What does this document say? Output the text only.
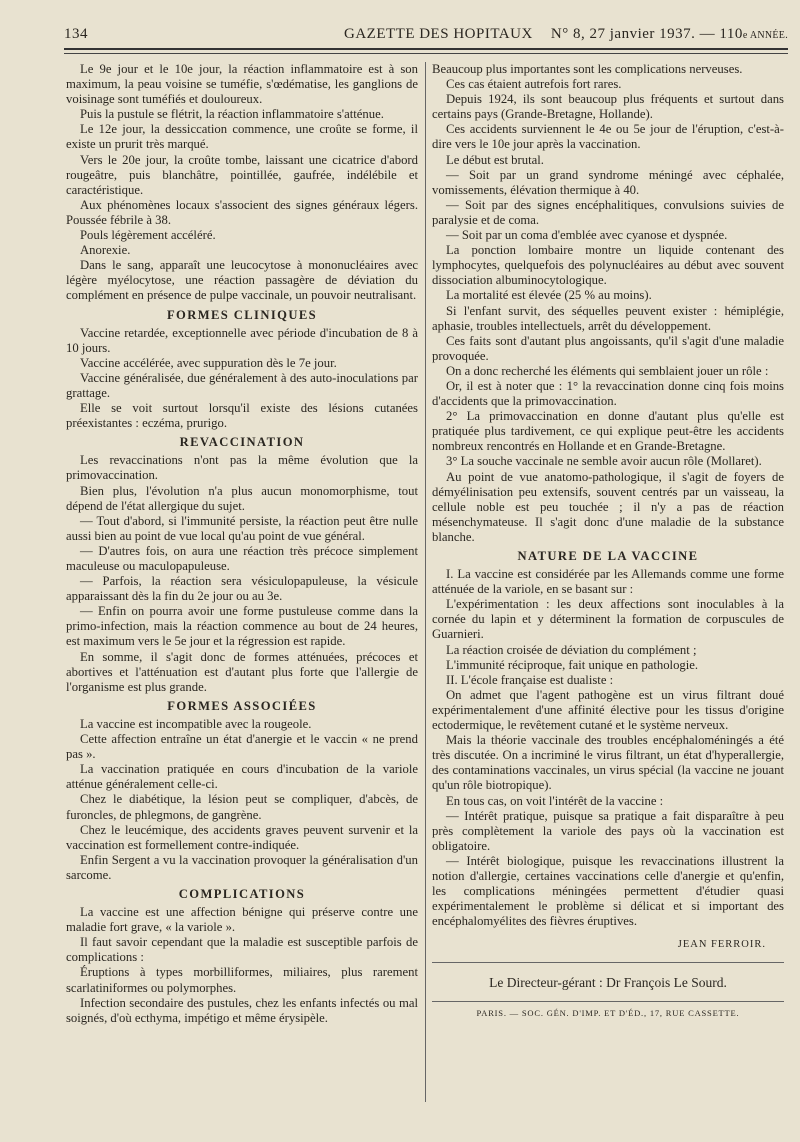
134	GAZETTE DES HOPITAUX N° 8, 27 janvier 1937. — 110e ANNÉE.

Le 9e jour et le 10e jour, la réaction inflammatoire est à son maximum, la peau voisine se tuméfie, s'œdématise, les ganglions de voisinage sont tuméfiés et douloureux.

Puis la pustule se flétrit, la réaction inflammatoire s'atténue.

Le 12e jour, la dessiccation commence, une croûte se forme, il existe un prurit très marqué.

Vers le 20e jour, la croûte tombe, laissant une cicatrice d'abord rougeâtre, puis blanchâtre, pointillée, gaufrée, indélébile et caractéristique.

Aux phénomènes locaux s'associent des signes généraux légers. Poussée fébrile à 38.

Pouls légèrement accéléré.

Anorexie.

Dans le sang, apparaît une leucocytose à mononucléaires avec légère myélocytose, une réaction passagère de déviation du complément en présence de pulpe vaccinale, un pouvoir neutralisant.

FORMES CLINIQUES

Vaccine retardée, exceptionnelle avec période d'incubation de 8 à 10 jours.

Vaccine accélérée, avec suppuration dès le 7e jour.

Vaccine généralisée, due généralement à des auto-inoculations par grattage.

Elle se voit surtout lorsqu'il existe des lésions cutanées préexistantes : eczéma, prurigo.

REVACCINATION

Les revaccinations n'ont pas la même évolution que la primovaccination.

Bien plus, l'évolution n'a plus aucun monomorphisme, tout dépend de l'état allergique du sujet.

— Tout d'abord, si l'immunité persiste, la réaction peut être nulle aussi bien au point de vue local qu'au point de vue général.

— D'autres fois, on aura une réaction très précoce simplement maculeuse ou maculopapuleuse.

— Parfois, la réaction sera vésiculopapuleuse, la vésicule apparaissant dès la fin du 2e jour ou au 3e.

— Enfin on pourra avoir une forme pustuleuse comme dans la primo-infection, mais la réaction commence au bout de 24 heures, est maximum vers le 5e jour et la régression est rapide.

En somme, il s'agit donc de formes atténuées, précoces et abortives et l'atténuation est d'autant plus forte que l'allergie de l'organisme est plus grande.

FORMES ASSOCIÉES

La vaccine est incompatible avec la rougeole.

Cette affection entraîne un état d'anergie et le vaccin « ne prend pas ».

La vaccination pratiquée en cours d'incubation de la variole atténue généralement celle-ci.

Chez le diabétique, la lésion peut se compliquer, d'abcès, de furoncles, de phlegmons, de gangrène.

Chez le leucémique, des accidents graves peuvent survenir et la vaccination est formellement contre-indiquée.

Enfin Sergent a vu la vaccination provoquer la généralisation d'un sarcome.

COMPLICATIONS

La vaccine est une affection bénigne qui préserve contre une maladie fort grave, « la variole ».

Il faut savoir cependant que la maladie est susceptible parfois de complications :

Éruptions à types morbilliformes, miliaires, plus rarement scarlatiniformes ou polymorphes.

Infection secondaire des pustules, chez les enfants infectés ou mal soignés, d'où ecthyma, impétigo et même érysipèle.

Beaucoup plus importantes sont les complications nerveuses.

Ces cas étaient autrefois fort rares.

Depuis 1924, ils sont beaucoup plus fréquents et surtout dans certains pays (Grande-Bretagne, Hollande).

Ces accidents surviennent le 4e ou 5e jour de l'éruption, c'est-à-dire vers le 10e jour après la vaccination.

Le début est brutal.

— Soit par un grand syndrome méningé avec céphalée, vomissements, élévation thermique à 40.

— Soit par des signes encéphalitiques, convulsions suivies de paralysie et de coma.

— Soit par un coma d'emblée avec cyanose et dyspnée.

La ponction lombaire montre un liquide contenant des lymphocytes, quelquefois des polynucléaires au début avec souvent dissociation albuminocytologique.

La mortalité est élevée (25 % au moins).

Si l'enfant survit, des séquelles peuvent exister : hémiplégie, aphasie, troubles intellectuels, arrêt du développement.

Ces faits sont d'autant plus angoissants, qu'il s'agit d'une maladie provoquée.

On a donc recherché les éléments qui semblaient jouer un rôle :

Or, il est à noter que : 1° la revaccination donne cinq fois moins d'accidents que la primovaccination.

2° La primovaccination en donne d'autant plus qu'elle est pratiquée plus tardivement, ce qui explique peut-être les accidents nombreux rencontrés en Hollande et en Grande-Bretagne.

3° La souche vaccinale ne semble avoir aucun rôle (Mollaret).

Au point de vue anatomo-pathologique, il s'agit de foyers de démyélinisation peu extensifs, souvent centrés par un vaisseau, la cellule noble est peu touchée ; il n'y a pas de réaction mésenchymateuse. Il s'agit donc d'une maladie de la substance blanche.

NATURE DE LA VACCINE

I. La vaccine est considérée par les Allemands comme une forme atténuée de la variole, en se basant sur :

L'expérimentation : les deux affections sont inoculables à la cornée du lapin et y déterminent la formation de corpuscules de Guarnieri.

La réaction croisée de déviation du complément ;

L'immunité réciproque, fait unique en pathologie.

II. L'école française est dualiste :

On admet que l'agent pathogène est un virus filtrant doué expérimentalement d'une affinité élective pour les tissus d'origine ectodermique, le revêtement cutané et le système nerveux.

Mais la théorie vaccinale des troubles encéphaloméningés a été très discutée. On a incriminé le virus filtrant, un état d'hyperallergie, des contaminations vaccinales, un virus spécial (la vaccine ne jouant qu'un rôle biotropique).

En tous cas, on voit l'intérêt de la vaccine :

— Intérêt pratique, puisque sa pratique a fait disparaître à peu près complètement la variole des pays où la vaccination est obligatoire.

— Intérêt biologique, puisque les revaccinations illustrent la notion d'allergie, certaines vaccinations celle d'anergie et qu'enfin, les complications méningées permettent d'étudier quasi expérimentalement le problème si délicat et si important des encéphalomyélites des fièvres éruptives.

JEAN FERROIR.
Le Directeur-gérant : Dr François Le Sourd.
PARIS. — SOC. GÉN. D'IMP. ET D'ÉD., 17, RUE CASSETTE.
